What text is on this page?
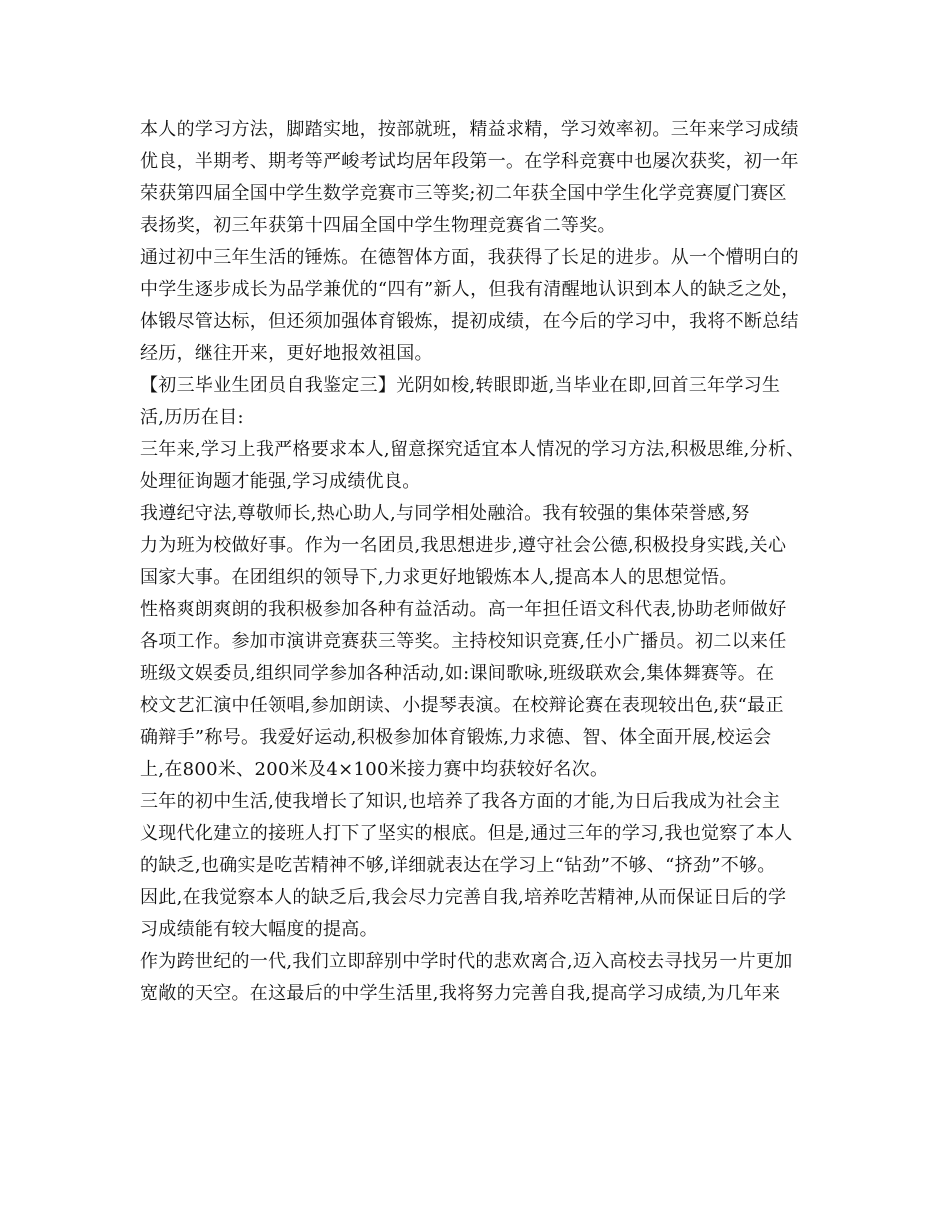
本人的学习方法，脚踏实地，按部就班，精益求精，学习效率初。三年来学习成绩
优良，半期考、期考等严峻考试均居年段第一。在学科竞赛中也屡次获奖，初一年
荣获第四届全国中学生数学竞赛市三等奖;初二年获全国中学生化学竞赛厦门赛区
表扬奖，初三年获第十四届全国中学生物理竞赛省二等奖。
通过初中三年生活的锤炼。在德智体方面，我获得了长足的进步。从一个懵明白的
中学生逐步成长为品学兼优的“四有”新人，但我有清醒地认识到本人的缺乏之处，
体锻尽管达标，但还须加强体育锻炼，提初成绩，在今后的学习中，我将不断总结
经历，继往开来，更好地报效祖国。
【初三毕业生团员自我鉴定三】光阴如梭,转眼即逝,当毕业在即,回首三年学习生
活,历历在目:
三年来,学习上我严格要求本人,留意探究适宜本人情况的学习方法,积极思维,分析、
处理征询题才能强,学习成绩优良。
我遵纪守法,尊敬师长,热心助人,与同学相处融洽。我有较强的集体荣誉感,努
力为班为校做好事。作为一名团员,我思想进步,遵守社会公德,积极投身实践,关心
国家大事。在团组织的领导下,力求更好地锻炼本人,提高本人的思想觉悟。
性格爽朗爽朗的我积极参加各种有益活动。高一年担任语文科代表,协助老师做好
各项工作。参加市演讲竞赛获三等奖。主持校知识竞赛,任小广播员。初二以来任
班级文娱委员,组织同学参加各种活动,如:课间歌咏,班级联欢会,集体舞赛等。在
校文艺汇演中任领唱,参加朗读、小提琴表演。在校辩论赛在表现较出色,获“最正
确辩手”称号。我爱好运动,积极参加体育锻炼,力求德、智、体全面开展,校运会
上,在800米、200米及4×100米接力赛中均获较好名次。
三年的初中生活,使我增长了知识,也培养了我各方面的才能,为日后我成为社会主
义现代化建立的接班人打下了坚实的根底。但是,通过三年的学习,我也觉察了本人
的缺乏,也确实是吃苦精神不够,详细就表达在学习上“钻劲”不够、“挤劲”不够。
因此,在我觉察本人的缺乏后,我会尽力完善自我,培养吃苦精神,从而保证日后的学
习成绩能有较大幅度的提高。
作为跨世纪的一代,我们立即辞别中学时代的悲欢离合,迈入高校去寻找另一片更加
宽敞的天空。在这最后的中学生活里,我将努力完善自我,提高学习成绩,为几年来
